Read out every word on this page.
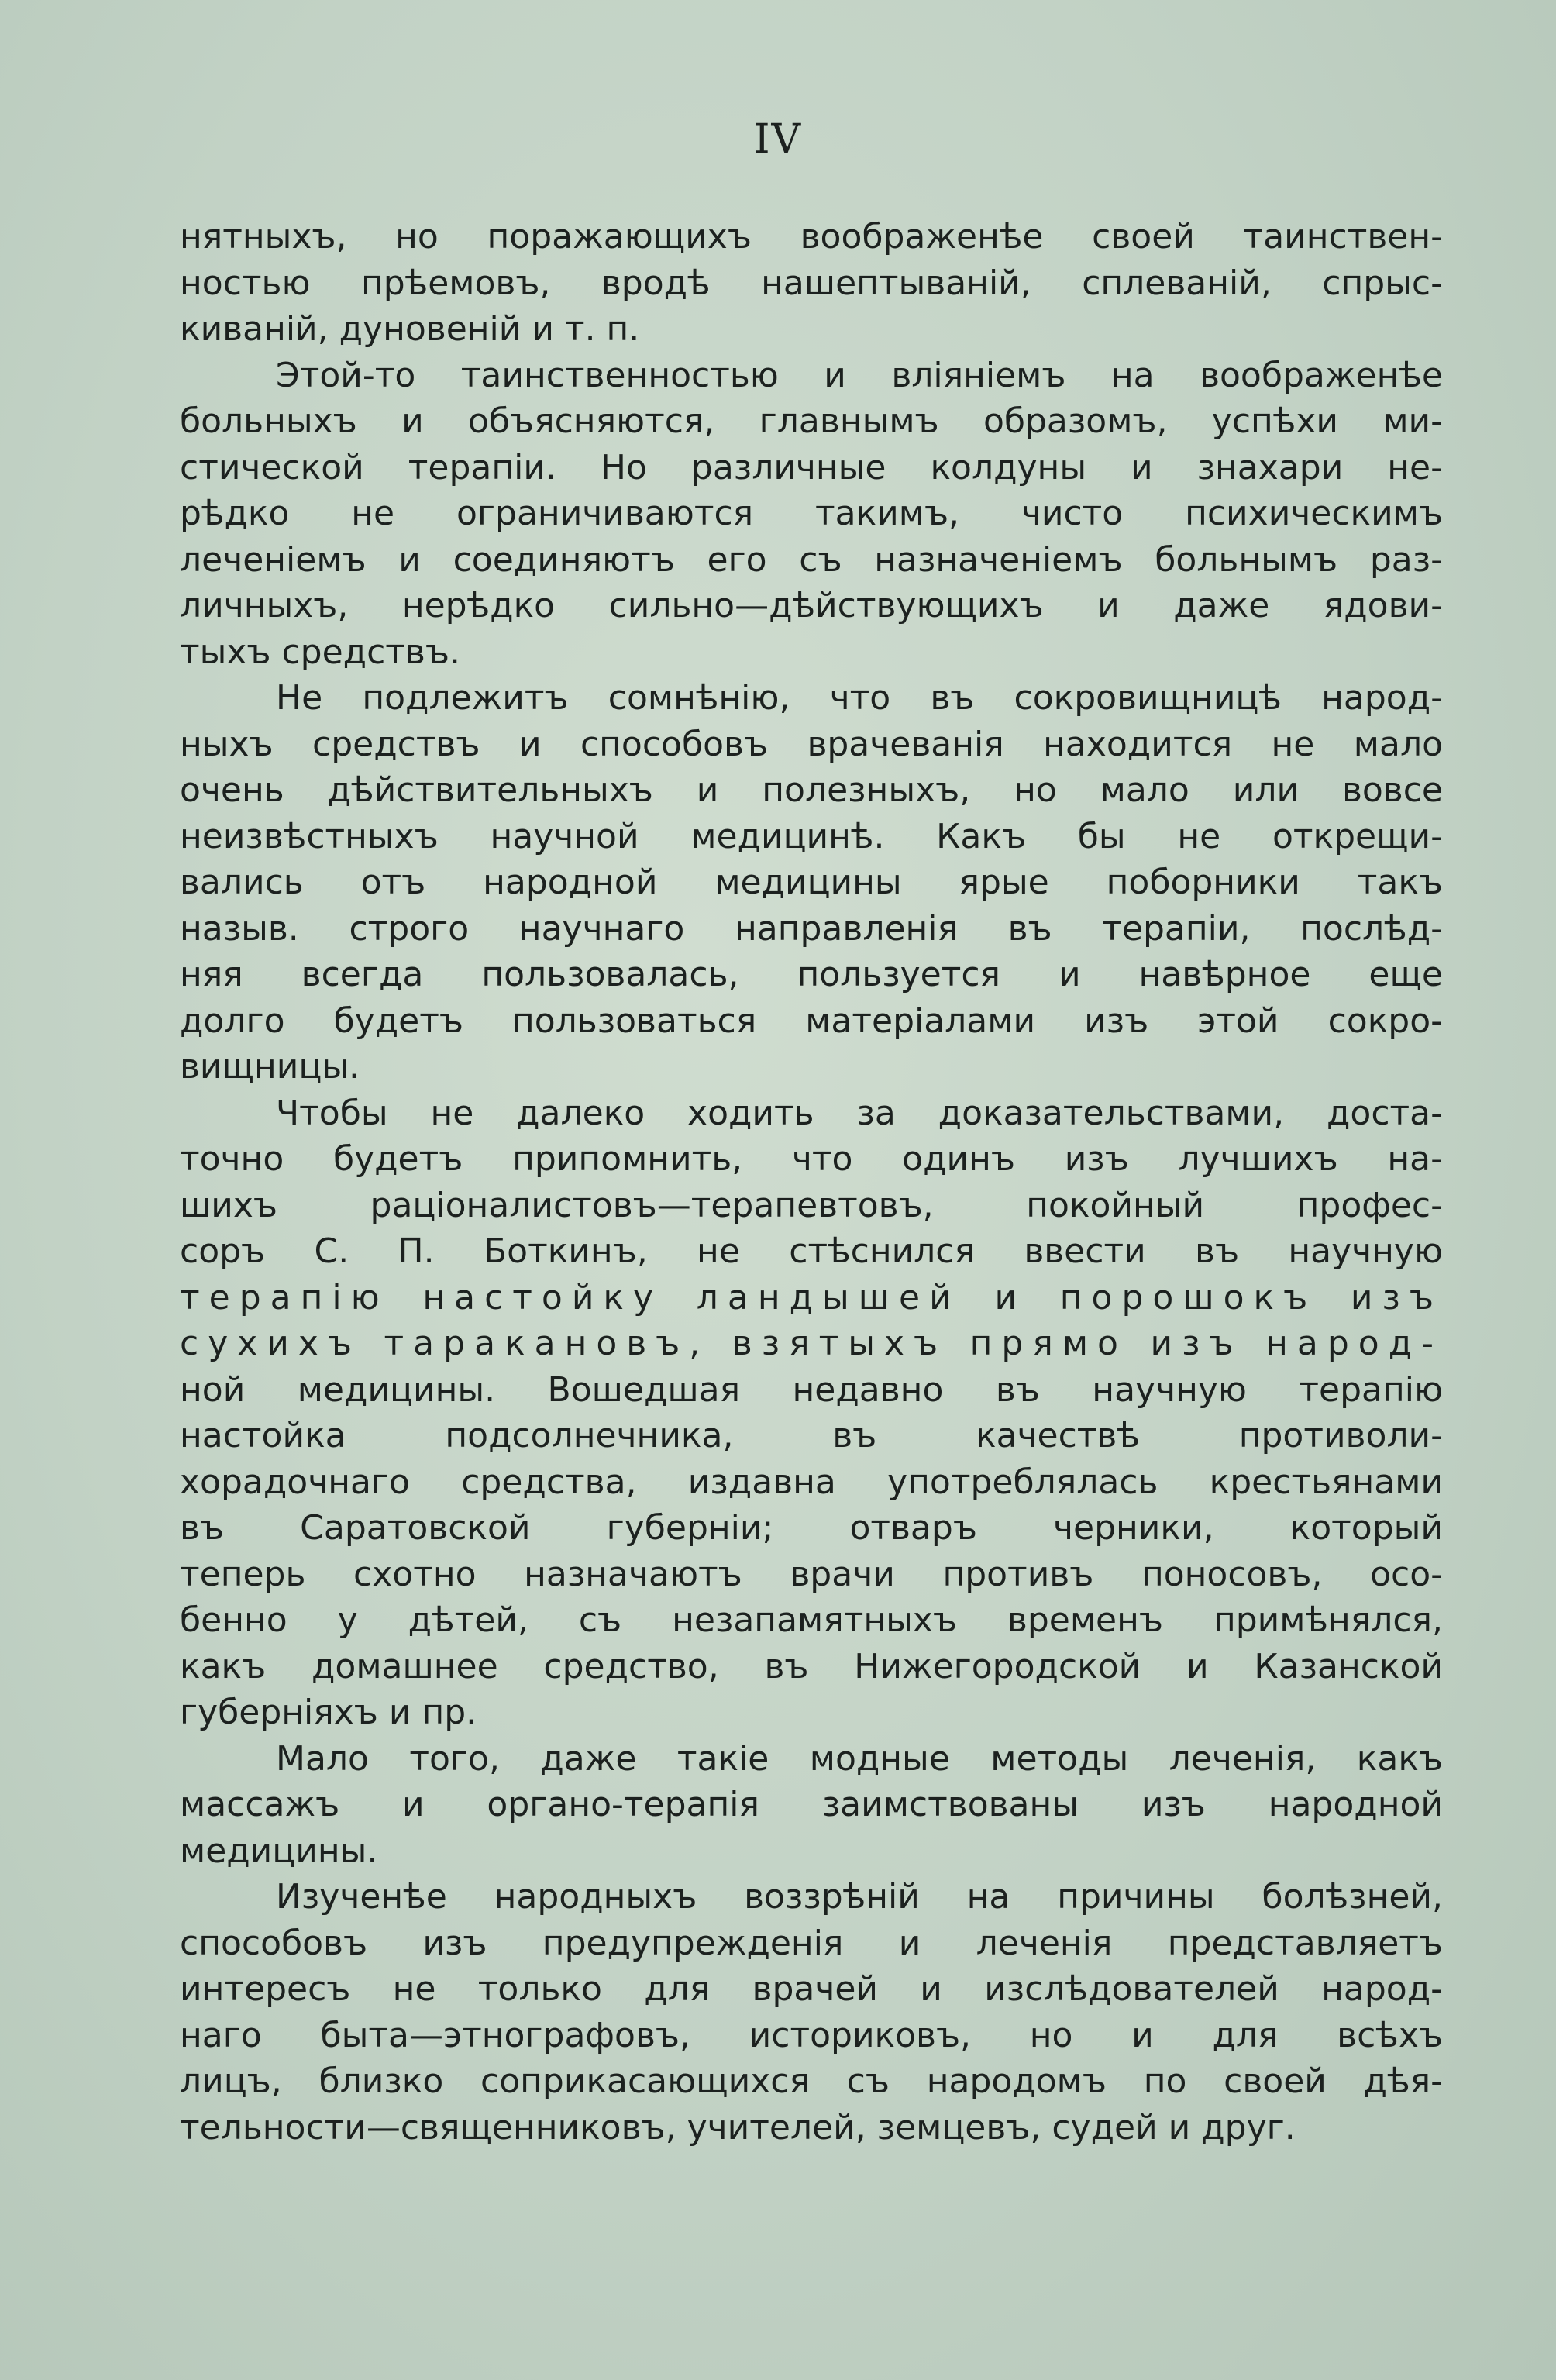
IV
нятныхъ, но поражающихъ воображенѣе своей таинствен-
ностью прѣемовъ, вродѣ нашептываній, сплеваній, спрыс-
киваній, дуновеній и т. п.
Этой-то таинственностью и вліяніемъ на воображенѣе
больныхъ и объясняются, главнымъ образомъ, успѣхи ми-
стической терапіи. Но различные колдуны и знахари не-
рѣдко не ограничиваются такимъ, чисто психическимъ
леченіемъ и соединяютъ его съ назначеніемъ больнымъ раз-
личныхъ, нерѣдко сильно—дѣйствующихъ и даже ядови-
тыхъ средствъ.
Не подлежитъ сомнѣнію, что въ сокровищницѣ народ-
ныхъ средствъ и способовъ врачеванія находится не мало
очень дѣйствительныхъ и полезныхъ, но мало или вовсе
неизвѣстныхъ научной медицинѣ. Какъ бы не открещи-
вались отъ народной медицины ярые поборники такъ
назыв. строго научнаго направленія въ терапіи, послѣд-
няя всегда пользовалась, пользуется и навѣрное еще
долго будетъ пользоваться матеріалами изъ этой сокро-
вищницы.
Чтобы не далеко ходить за доказательствами, доста-
точно будетъ припомнить, что одинъ изъ лучшихъ на-
шихъ раціоналистовъ—терапевтовъ, покойный профес-
соръ С. П. Боткинъ, не стѣснился ввести въ научную
терапію настойку ландышей и порошокъ изъ
сухихъ таракановъ, взятыхъ прямо изъ народ-
ной медицины. Вошедшая недавно въ научную терапію
настойка подсолнечника, въ качествѣ противоли-
хорадочнаго средства, издавна употреблялась крестьянами
въ Саратовской губерніи; отваръ черники, который
теперь схотно назначаютъ врачи противъ поносовъ, осо-
бенно у дѣтей, съ незапамятныхъ временъ примѣнялся,
какъ домашнее средство, въ Нижегородской и Казанской
губерніяхъ и пр.
Мало того, даже такіе модные методы леченія, какъ
массажъ и органо-терапія заимствованы изъ народной
медицины.
Изученѣе народныхъ воззрѣній на причины болѣзней,
способовъ изъ предупрежденія и леченія представляетъ
интересъ не только для врачей и изслѣдователей народ-
наго быта—этнографовъ, историковъ, но и для всѣхъ
лицъ, близко соприкасающихся съ народомъ по своей дѣя-
тельности—священниковъ, учителей, земцевъ, судей и друг.
